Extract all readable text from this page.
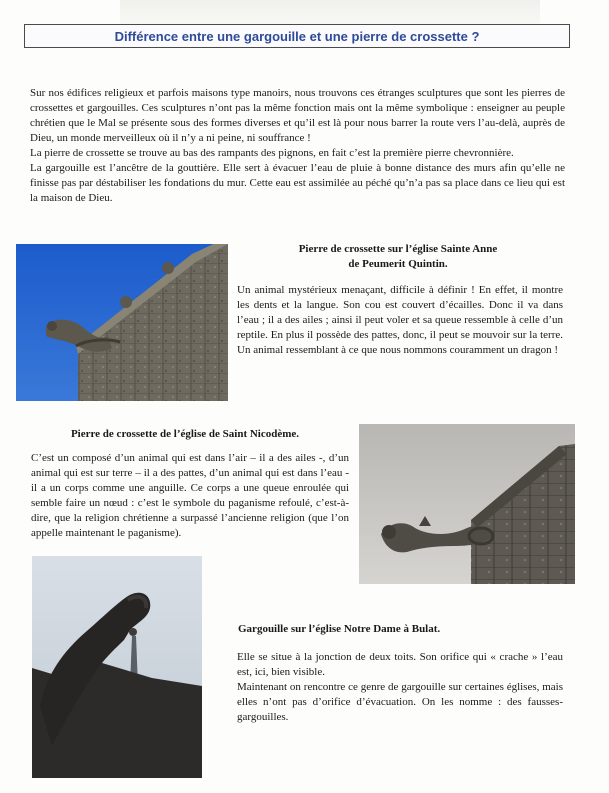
Différence entre une gargouille et une pierre de crossette ?
Sur nos édifices religieux et parfois maisons type manoirs, nous trouvons ces étranges sculptures que sont les pierres de crossettes et gargouilles. Ces sculptures n’ont pas la même fonction mais ont la même symbolique : enseigner au peuple chrétien que le Mal se présente sous des formes diverses et qu’il est là pour nous barrer la route vers l’au-delà, auprès de Dieu, un monde merveilleux où il n’y a ni peine, ni souffrance !
La pierre de crossette se trouve au bas des rampants des pignons, en fait c’est la première pierre chevronnière.
La gargouille est l’ancêtre de la gouttière. Elle sert à évacuer l’eau de pluie à bonne distance des murs afin qu’elle ne finisse pas par déstabiliser les fondations du mur. Cette eau est assimilée au péché qu’n’a pas sa place dans ce lieu qui est la maison de Dieu.
Pierre de crossette sur l’église Sainte Anne
de Peumerit Quintin.
Un animal mystérieux menaçant, difficile à définir ! En effet, il montre les dents et la langue. Son cou est couvert d’écailles. Donc il va dans l’eau ; il a des ailes ; ainsi il peut voler et sa queue ressemble à celle d’un reptile. En plus il possède des pattes, donc, il peut se mouvoir sur la terre. Un animal ressemblant à ce que nous nommons couramment un dragon !
Pierre de crossette de l’église de Saint Nicodème.
C’est un composé d’un animal qui est dans l’air – il a des ailes -, d’un animal qui est sur terre – il a des pattes, d’un animal qui est dans l’eau - il a un corps comme une anguille. Ce corps a une queue enroulée qui semble faire un nœud : c’est le symbole du paganisme refoulé, c’est-à-dire, que la religion chrétienne a surpassé l’ancienne religion (que l’on appelle maintenant le paganisme).
Gargouille sur l’église Notre Dame à Bulat.
Elle se situe à la jonction de deux toits. Son orifice qui « crache » l’eau est, ici, bien visible.
Maintenant on rencontre ce genre de gargouille sur certaines églises, mais elles n’ont pas d’orifice d’évacuation. On les nomme : des fausses-gargouilles.
